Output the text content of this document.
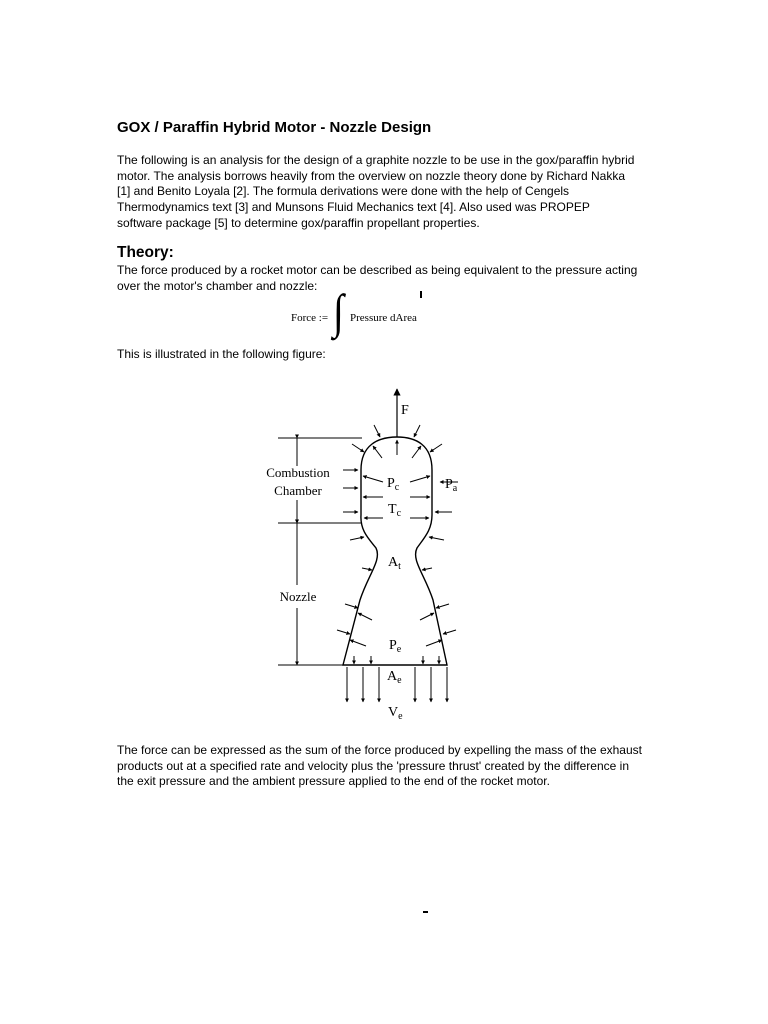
GOX / Paraffin Hybrid Motor - Nozzle Design
The following is an analysis for the design of a graphite nozzle to be use in the gox/paraffin hybrid
motor. The analysis borrows heavily from the overview on nozzle theory done by Richard Nakka
[1] and Benito Loyala [2]. The formula derivations were done with the help of Cengels
Thermodynamics text [3] and Munsons Fluid Mechanics text [4]. Also used was PROPEP
software package [5] to determine gox/paraffin propellant properties.
Theory:
The force produced by a rocket motor can be described as being equivalent to the pressure acting
over the motor's chamber and nozzle:
Force := ∫ Pressure dArea
This is illustrated in the following figure:
F
Combustion
Chamber
Nozzle
$P_c$	$P_a$
$T_c$
$A_t$
$P_e$
$A_e$
$V_e$
The force can be expressed as the sum of the force produced by expelling the mass of the exhaust
products out at a specified rate and velocity plus the 'pressure thrust' created by the difference in
the exit pressure and the ambient pressure applied to the end of the rocket motor.
